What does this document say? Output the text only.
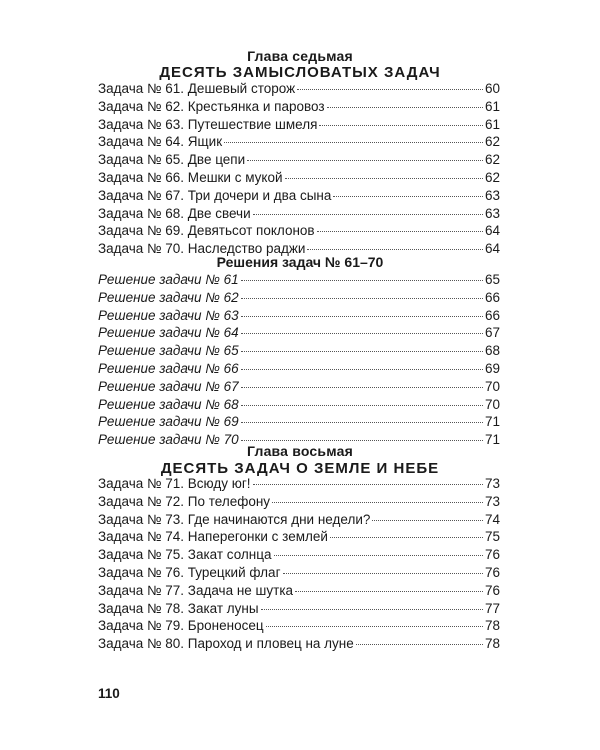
Глава седьмая
ДЕСЯТЬ ЗАМЫСЛОВАТЫХ ЗАДАЧ
Задача № 61. Дешевый сторож	60
Задача № 62. Крестьянка и паровоз	61
Задача № 63. Путешествие шмеля	61
Задача № 64. Ящик	62
Задача № 65. Две цепи	62
Задача № 66. Мешки с мукой	62
Задача № 67. Три дочери и два сына	63
Задача № 68. Две свечи	63
Задача № 69. Девятьсот поклонов	64
Задача № 70. Наследство раджи	64
Решения задач № 61–70
Решение задачи № 61	65
Решение задачи № 62	66
Решение задачи № 63	66
Решение задачи № 64	67
Решение задачи № 65	68
Решение задачи № 66	69
Решение задачи № 67	70
Решение задачи № 68	70
Решение задачи № 69	71
Решение задачи № 70	71
Глава восьмая
ДЕСЯТЬ ЗАДАЧ О ЗЕМЛЕ И НЕБЕ
Задача № 71. Всюду юг!	73
Задача № 72. По телефону	73
Задача № 73. Где начинаются дни недели?	74
Задача № 74. Наперегонки с землей	75
Задача № 75. Закат солнца	76
Задача № 76. Турецкий флаг	76
Задача № 77. Задача не шутка	76
Задача № 78. Закат луны	77
Задача № 79. Броненосец	78
Задача № 80. Пароход и пловец на луне	78
110
